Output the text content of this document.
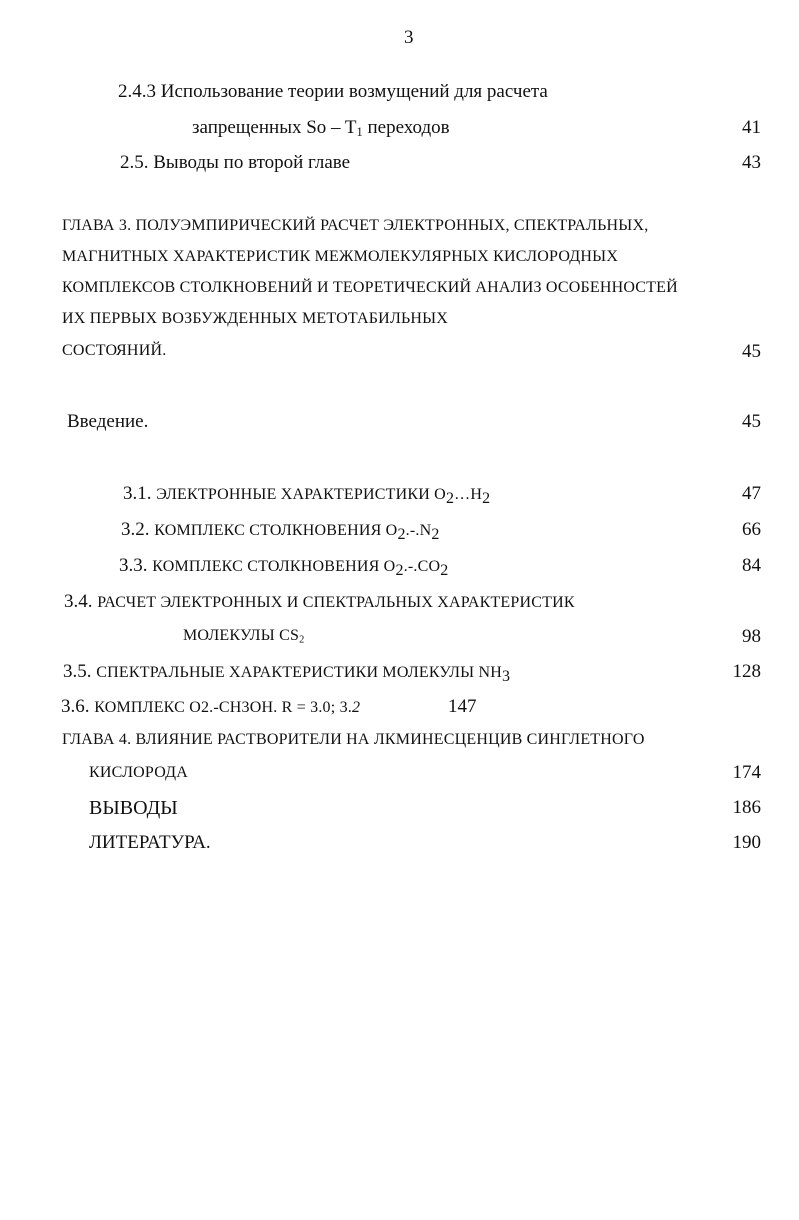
3
2.4.3 Использование теории возмущений для расчета
запрещенных So – $T_1$ переходов	41
2.5. Выводы по второй главе	43
ГЛАВА 3. ПОЛУЭМПИРИЧЕСКИЙ РАСЧЕТ ЭЛЕКТРОННЫХ, СПЕКТРАЛЬНЫХ,
МАГНИТНЫХ ХАРАКТЕРИСТИК МЕЖМОЛЕКУЛЯРНЫХ КИСЛОРОДНЫХ
КОМПЛЕКСОВ СТОЛКНОВЕНИЙ И ТЕОРЕТИЧЕСКИЙ АНАЛИЗ ОСОБЕННОСТЕЙ
ИХ ПЕРВЫХ ВОЗБУЖДЕННЫХ МЕТОТАБИЛЬНЫХ
СОСТОЯНИЙ.	45
Введение.	45
3.1. ЭЛЕКТРОННЫЕ ХАРАКТЕРИСТИКИ $O_2\dots H_2$	47
3.2. КОМПЛЕКС СТОЛКНОВЕНИЯ $O_2.-.N_2$	66
3.3. КОМПЛЕКС СТОЛКНОВЕНИЯ $O_2.-.CO_2$	84
3.4. РАСЧЕТ ЭЛЕКТРОННЫХ И СПЕКТРАЛЬНЫХ ХАРАКТЕРИСТИК
МОЛЕКУЛЫ $CS_2$	98
3.5. СПЕКТРАЛЬНЫЕ ХАРАКТЕРИСТИКИ МОЛЕКУЛЫ $NH_3$	128
3.6. КОМПЛЕКС O2.-CH3OH. R = 3.0; 3.2	147
ГЛАВА 4. ВЛИЯНИЕ РАСТВОРИТЕЛИ НА ЛКМИНЕСЦЕНЦИВ СИНГЛЕТНОГО
КИСЛОРОДА	174
ВЫВОДЫ	186
ЛИТЕРАТУРА.	190
